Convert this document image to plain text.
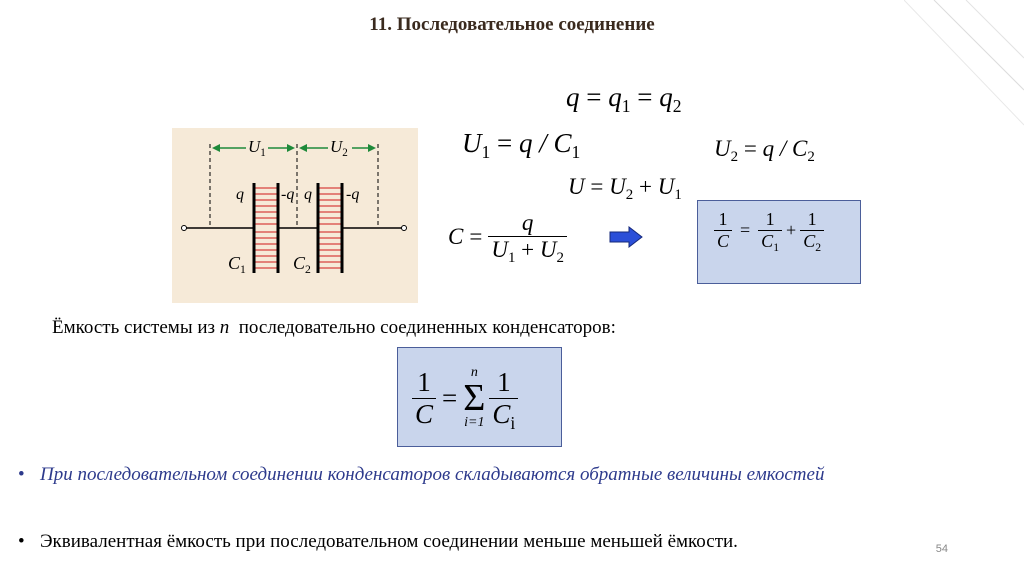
11. Последовательное соединение
$U_1$	$U_2$
q -q q -q
$C_1$	$C_2$
$q = q_1 = q_2$
$U_1 = q / C_1$	$U_2 = q / C_2$
$U = U_2 + U_1$
$C = \frac{q}{U_1 + U_2}$	$\frac{1}{C} = \frac{1}{C_1} + \frac{1}{C_2}$
Ёмкость системы из n последовательно соединенных конденсаторов:
$\frac{1}{C}$ =
n
Σ
$i=1 \frac{1}{C_i}$
• При последовательном соединении конденсаторов складываются обратные величины емкостей
• Эквивалентная ёмкость при последовательном соединении меньше меньшей ёмкости.	54
